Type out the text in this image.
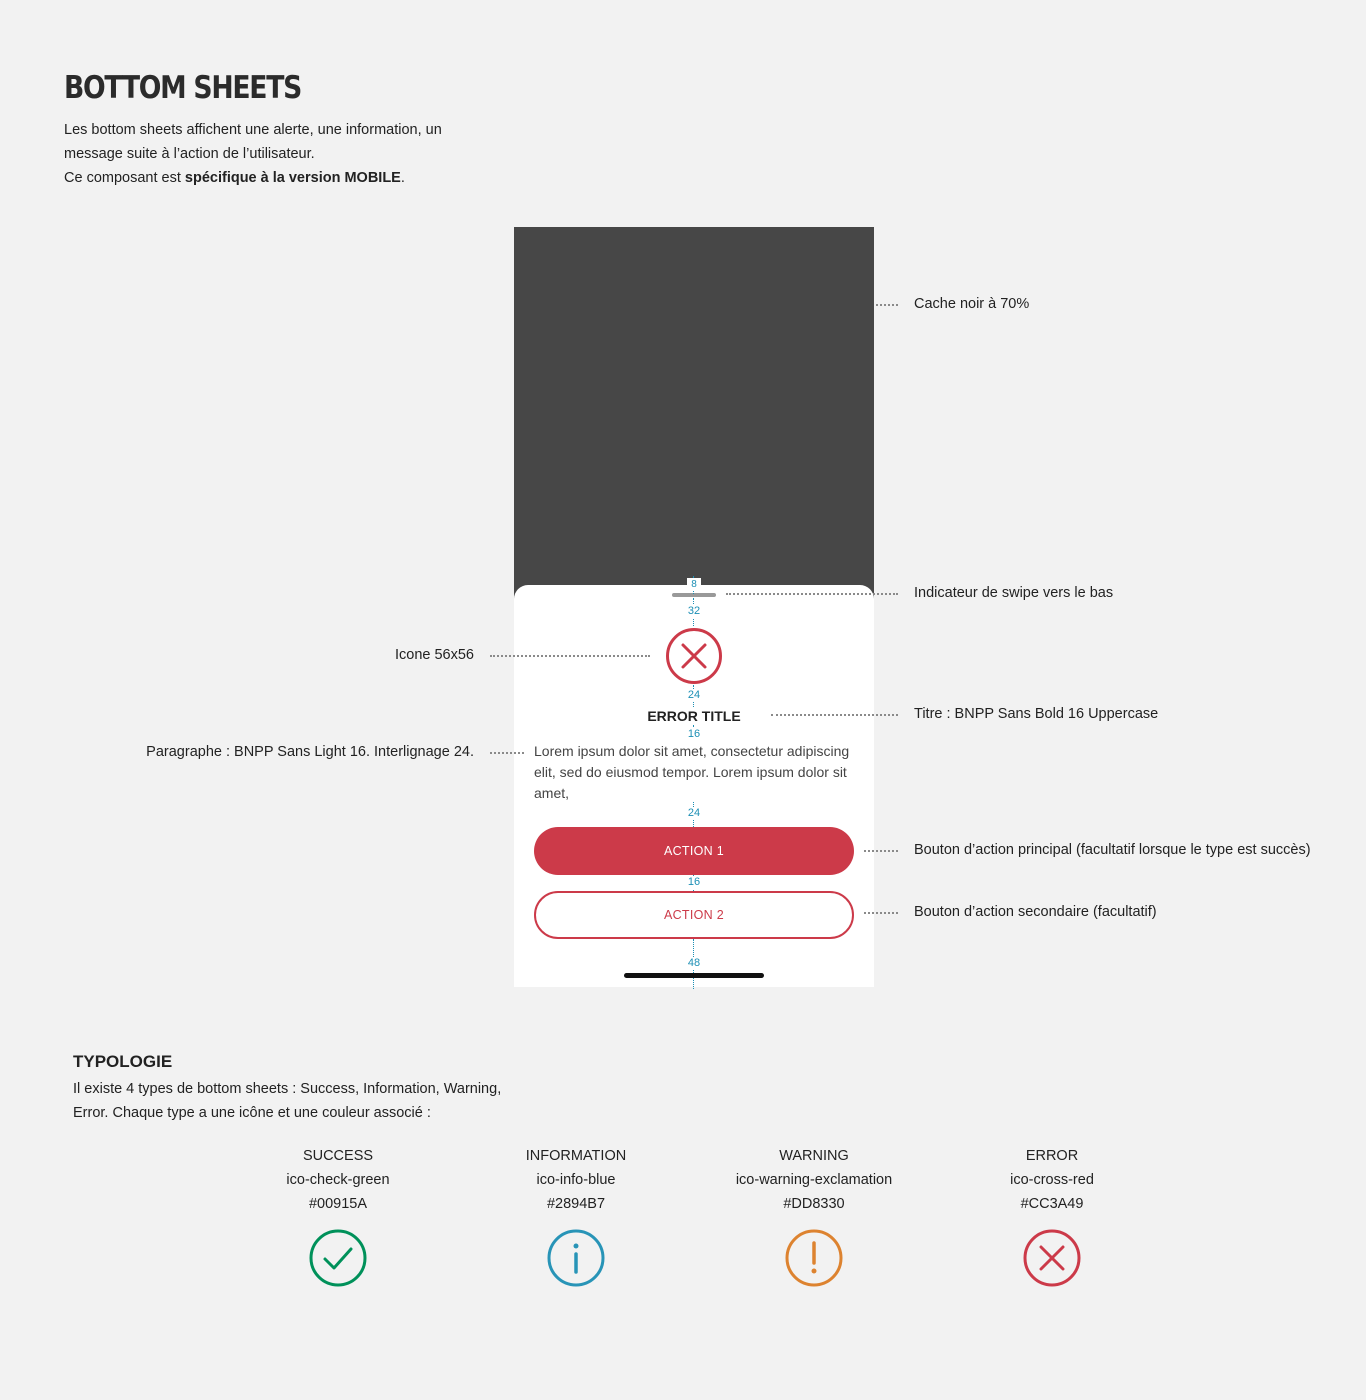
BOTTOM SHEETS
Les bottom sheets affichent une alerte, une information, un
message suite à l’action de l’utilisateur.
Ce composant est spécifique à la version MOBILE.
8
32
24
16
24
16
48
ERROR TITLE
Lorem ipsum dolor sit amet, consectetur adipiscing elit, sed do eiusmod tempor. Lorem ipsum dolor sit amet,
ACTION 1
ACTION 2
Cache noir à 70%
Indicateur de swipe vers le bas
Titre : BNPP Sans Bold 16 Uppercase
Bouton d’action principal (facultatif lorsque le type est succès)
Bouton d’action secondaire (facultatif)
Icone 56x56
Paragraphe : BNPP Sans Light 16. Interlignage 24.
TYPOLOGIE
Il existe 4 types de bottom sheets : Success, Information, Warning,
Error. Chaque type a une icône et une couleur associé :
SUCCESS
ico-check-green
#00915A
INFORMATION
ico-info-blue
#2894B7
WARNING
ico-warning-exclamation
#DD8330
ERROR
ico-cross-red
#CC3A49
